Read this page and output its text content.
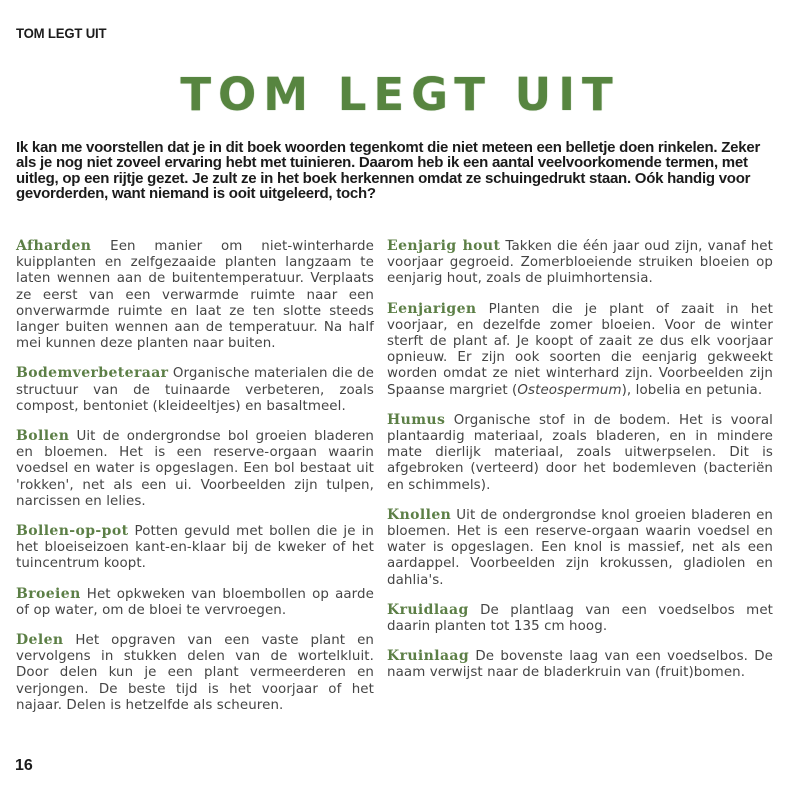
TOM LEGT UIT
TOM LEGT UIT

Ik kan me voorstellen dat je in dit boek woorden tegenkomt die niet meteen een belletje doen rinkelen. Zeker als je nog niet zoveel ervaring hebt met tuinieren. Daarom heb ik een aantal veelvoorkomende termen, met uitleg, op een rijtje gezet. Je zult ze in het boek herkennen omdat ze schuingedrukt staan. Oók handig voor gevorderden, want niemand is ooit uitgeleerd, toch?

Afharden Een manier om niet-winterharde kuipplanten en zelfgezaaide planten langzaam te laten wennen aan de buitentemperatuur. Verplaats ze eerst van een verwarmde ruimte naar een onverwarmde ruimte en laat ze ten slotte steeds langer buiten wennen aan de temperatuur. Na half mei kunnen deze planten naar buiten.

Bodemverbeteraar Organische materialen die de structuur van de tuinaarde verbeteren, zoals compost, bentoniet (kleideeltjes) en basaltmeel.

Bollen Uit de ondergrondse bol groeien bladeren en bloemen. Het is een reserve-orgaan waarin voedsel en water is opgeslagen. Een bol bestaat uit 'rokken', net als een ui. Voorbeelden zijn tulpen, narcissen en lelies.

Bollen-op-pot Potten gevuld met bollen die je in het bloeiseizoen kant-en-klaar bij de kweker of het tuincentrum koopt.

Broeien Het opkweken van bloembollen op aarde of op water, om de bloei te vervroegen.

Delen Het opgraven van een vaste plant en vervolgens in stukken delen van de wortelkluit. Door delen kun je een plant vermeerderen en verjongen. De beste tijd is het voorjaar of het najaar. Delen is hetzelfde als scheuren.

Eenjarig hout Takken die één jaar oud zijn, vanaf het voorjaar gegroeid. Zomerbloeiende struiken bloeien op eenjarig hout, zoals de pluimhortensia.

Eenjarigen Planten die je plant of zaait in het voorjaar, en dezelfde zomer bloeien. Voor de winter sterft de plant af. Je koopt of zaait ze dus elk voorjaar opnieuw. Er zijn ook soorten die eenjarig gekweekt worden omdat ze niet winterhard zijn. Voorbeelden zijn Spaanse margriet (Osteospermum), lobelia en petunia.

Humus Organische stof in de bodem. Het is vooral plantaardig materiaal, zoals bladeren, en in mindere mate dierlijk materiaal, zoals uitwerpselen. Dit is afgebroken (verteerd) door het bodemleven (bacteriën en schimmels).

Knollen Uit de ondergrondse knol groeien bladeren en bloemen. Het is een reserve-orgaan waarin voedsel en water is opgeslagen. Een knol is massief, net als een aardappel. Voorbeelden zijn krokussen, gladiolen en dahlia's.

Kruidlaag De plantlaag van een voedselbos met daarin planten tot 135 cm hoog.

Kruinlaag De bovenste laag van een voedselbos. De naam verwijst naar de bladerkruin van (fruit)bomen.

16
